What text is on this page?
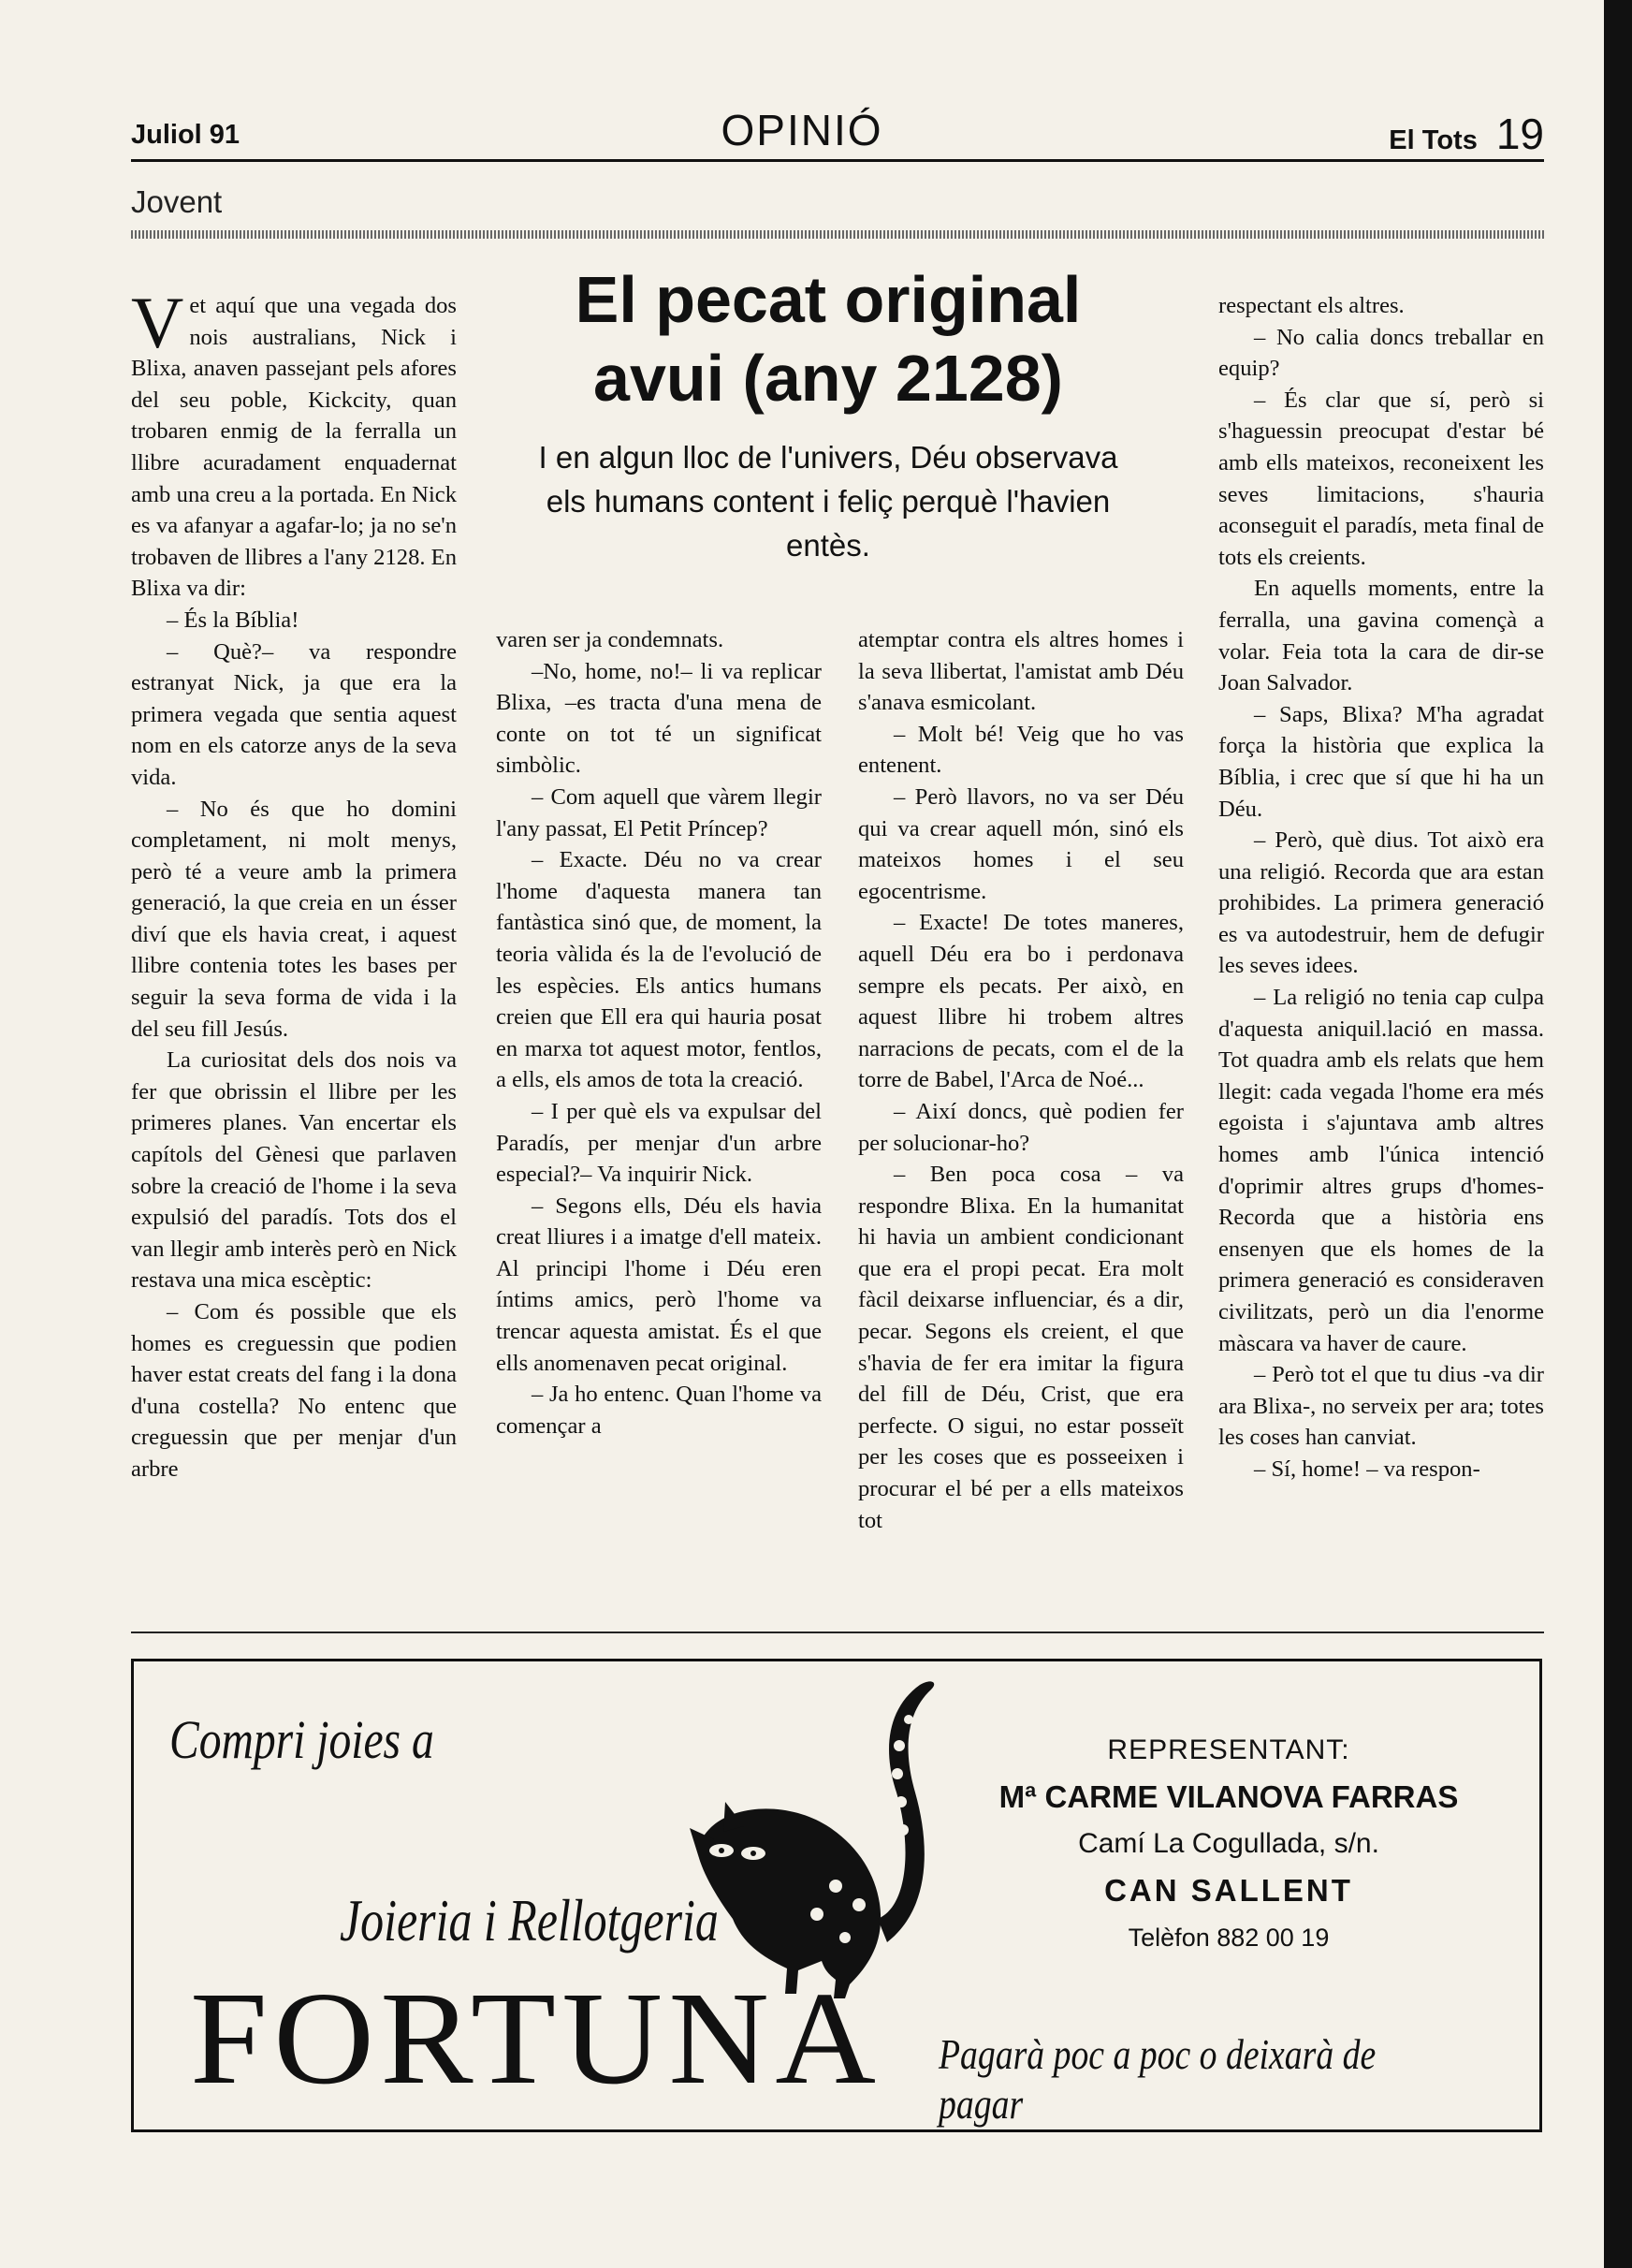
Juliol 91	OPINIÓ	El Tots 19
Jovent
El pecat original
avui (any 2128)
I en algun lloc de l'univers, Déu observava els humans content i feliç perquè l'havien entès.

Vet aquí que una vegada dos nois australians, Nick i Blixa, anaven passejant pels afores del seu poble, Kickcity, quan trobaren enmig de la ferralla un llibre acuradament enquadernat amb una creu a la portada. En Nick es va afanyar a agafar-lo; ja no se'n trobaven de llibres a l'any 2128. En Blixa va dir:

– És la Bíblia!

– Què?– va respondre estranyat Nick, ja que era la primera vegada que sentia aquest nom en els catorze anys de la seva vida.

– No és que ho domini completament, ni molt menys, però té a veure amb la primera generació, la que creia en un ésser diví que els havia creat, i aquest llibre contenia totes les bases per seguir la seva forma de vida i la del seu fill Jesús.

La curiositat dels dos nois va fer que obrissin el llibre per les primeres planes. Van encertar els capítols del Gènesi que parlaven sobre la creació de l'home i la seva expulsió del paradís. Tots dos el van llegir amb interès però en Nick restava una mica escèptic:

– Com és possible que els homes es creguessin que podien haver estat creats del fang i la dona d'una costella? No entenc que creguessin que per menjar d'un arbre

varen ser ja condemnats.

–No, home, no!– li va replicar Blixa, –es tracta d'una mena de conte on tot té un significat simbòlic.

– Com aquell que vàrem llegir l'any passat, El Petit Príncep?

– Exacte. Déu no va crear l'home d'aquesta manera tan fantàstica sinó que, de moment, la teoria vàlida és la de l'evolució de les espècies. Els antics humans creien que Ell era qui hauria posat en marxa tot aquest motor, fentlos, a ells, els amos de tota la creació.

– I per què els va expulsar del Paradís, per menjar d'un arbre especial?– Va inquirir Nick.

– Segons ells, Déu els havia creat lliures i a imatge d'ell mateix. Al principi l'home i Déu eren íntims amics, però l'home va trencar aquesta amistat. És el que ells anomenaven pecat original.

– Ja ho entenc. Quan l'home va començar a

atemptar contra els altres homes i la seva llibertat, l'amistat amb Déu s'anava esmicolant.

– Molt bé! Veig que ho vas entenent.

– Però llavors, no va ser Déu qui va crear aquell món, sinó els mateixos homes i el seu egocentrisme.

– Exacte! De totes maneres, aquell Déu era bo i perdonava sempre els pecats. Per això, en aquest llibre hi trobem altres narracions de pecats, com el de la torre de Babel, l'Arca de Noé...

– Així doncs, què podien fer per solucionar-ho?

– Ben poca cosa – va respondre Blixa. En la humanitat hi havia un ambient condicionant que era el propi pecat. Era molt fàcil deixarse influenciar, és a dir, pecar. Segons els creient, el que s'havia de fer era imitar la figura del fill de Déu, Crist, que era perfecte. O sigui, no estar posseït per les coses que es posseeixen i procurar el bé per a ells mateixos tot

respectant els altres.

– No calia doncs treballar en equip?

– És clar que sí, però si s'haguessin preocupat d'estar bé amb ells mateixos, reconeixent les seves limitacions, s'hauria aconseguit el paradís, meta final de tots els creients.

En aquells moments, entre la ferralla, una gavina començà a volar. Feia tota la cara de dir-se Joan Salvador.

– Saps, Blixa? M'ha agradat força la història que explica la Bíblia, i crec que sí que hi ha un Déu.

– Però, què dius. Tot això era una religió. Recorda que ara estan prohibides. La primera generació es va autodestruir, hem de defugir les seves idees.

– La religió no tenia cap culpa d'aquesta aniquil.lació en massa. Tot quadra amb els relats que hem llegit: cada vegada l'home era més egoista i s'ajuntava amb altres homes amb l'única intenció d'oprimir altres grups d'homes- Recorda que a història ens ensenyen que els homes de la primera generació es consideraven civilitzats, però un dia l'enorme màscara va haver de caure.

– Però tot el que tu dius -va dir ara Blixa-, no serveix per ara; totes les coses han canviat.

– Sí, home! – va respon-

Compri joies a
Joieria i Rellotgeria
FORTUNA Pagarà poc a poc o deixarà de pagar
REPRESENTANT:
Mª CARME VILANOVA FARRAS
Camí La Cogullada, s/n.
CAN SALLENT
Telèfon 882 00 19
